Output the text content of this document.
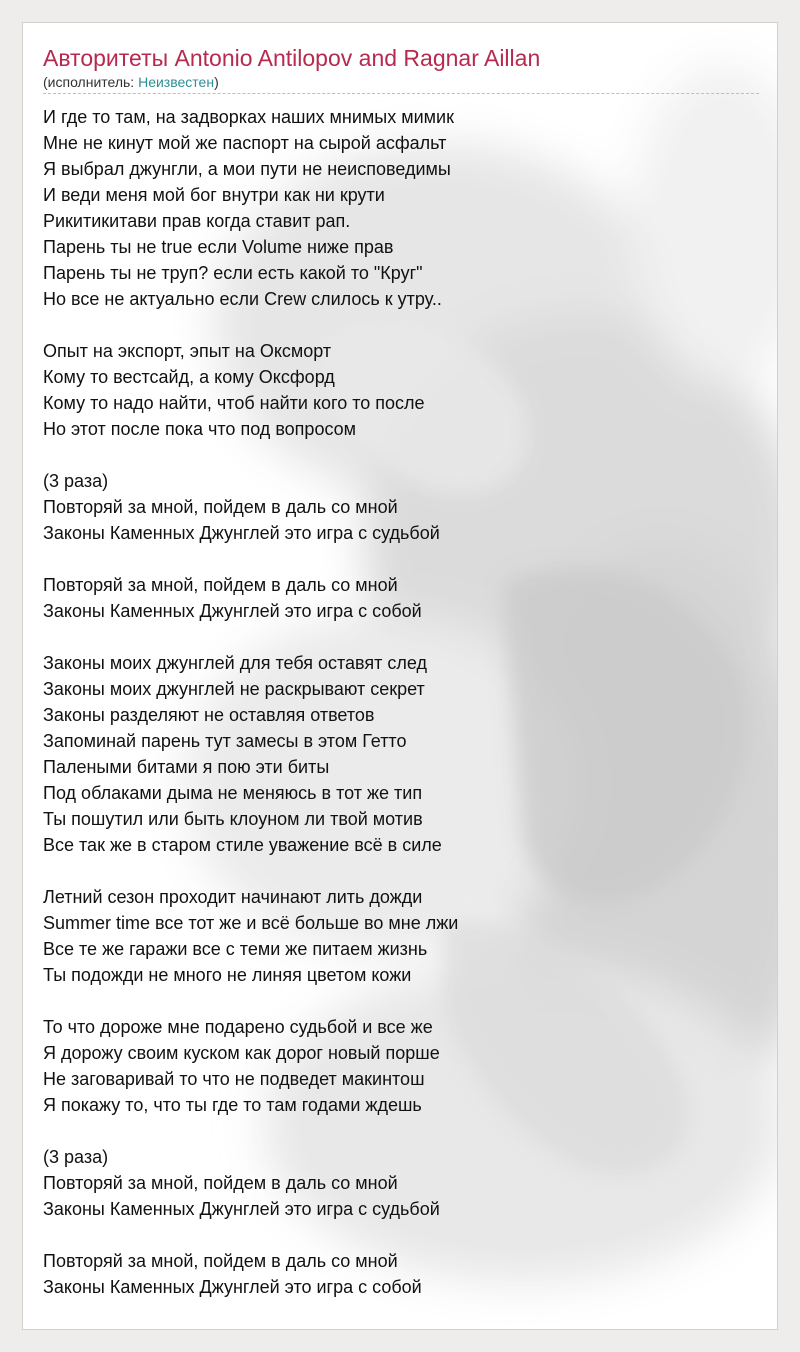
Авторитеты Antonio Antilopov and Ragnar Aillan
(исполнитель: Неизвестен)
И где то там, на задворках наших мнимых мимик
Мне не кинут мой же паспорт на сырой асфальт
Я выбрал джунгли, а мои пути не неисповедимы
И веди меня мой бог внутри как ни крути
Рикитикитави прав когда ставит рап.
Парень ты не true если Volume ниже прав
Парень ты не труп? если есть какой то "Круг"
Но все не актуально если Crew слилось к утру..
Опыт на экспорт, эпыт на Оксморт
Кому то вестсайд, а кому Оксфорд
Кому то надо найти, чтоб найти кого то после
Но этот после пока что под вопросом
(3 раза)
Повторяй за мной, пойдем в даль со мной
Законы Каменных Джунглей это игра с судьбой
Повторяй за мной, пойдем в даль со мной
Законы Каменных Джунглей это игра с собой
Законы моих джунглей для тебя оставят след
Законы моих джунглей не раскрывают секрет
Законы разделяют не оставляя ответов
Запоминай парень тут замесы в этом Гетто
Палеными битами я пою эти биты
Под облаками дыма не меняюсь в тот же тип
Ты пошутил или быть клоуном ли твой мотив
Все так же в старом стиле уважение всё в силе
Летний сезон проходит начинают лить дожди
Summer time все тот же и всё больше во мне лжи
Все те же гаражи все с теми же питаем жизнь
Ты подожди не много не линяя цветом кожи
То что дороже мне подарено судьбой и все же
Я дорожу своим куском как дорог новый порше
Не заговаривай то что не подведет макинтош
Я покажу то, что ты где то там годами ждешь
(3 раза)
Повторяй за мной, пойдем в даль со мной
Законы Каменных Джунглей это игра с судьбой
Повторяй за мной, пойдем в даль со мной
Законы Каменных Джунглей это игра с собой
